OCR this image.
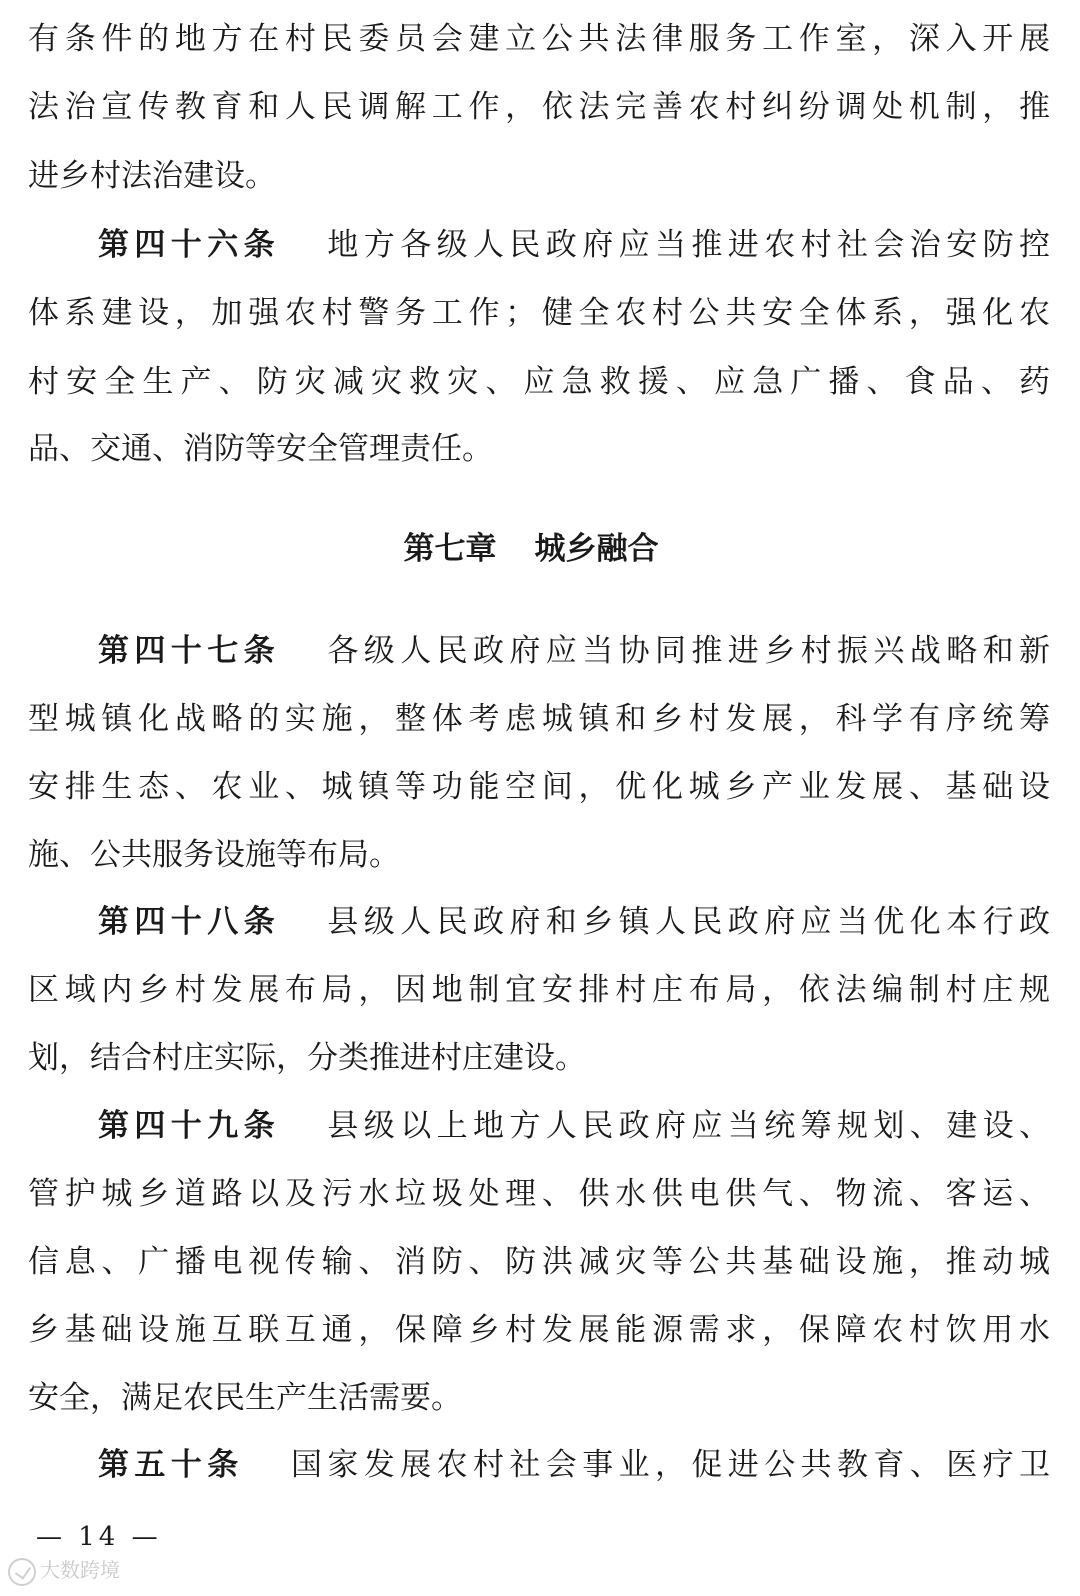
有条件的地方在村民委员会建立公共法律服务工作室，深入开展
法治宣传教育和人民调解工作，依法完善农村纠纷调处机制，推
进乡村法治建设。
第四十六条 地方各级人民政府应当推进农村社会治安防控
体系建设，加强农村警务工作；健全农村公共安全体系，强化农
村安全生产、防灾减灾救灾、应急救援、应急广播、食品、药
品、交通、消防等安全管理责任。
第七章 城乡融合
第四十七条 各级人民政府应当协同推进乡村振兴战略和新
型城镇化战略的实施，整体考虑城镇和乡村发展，科学有序统筹
安排生态、农业、城镇等功能空间，优化城乡产业发展、基础设
施、公共服务设施等布局。
第四十八条 县级人民政府和乡镇人民政府应当优化本行政
区域内乡村发展布局，因地制宜安排村庄布局，依法编制村庄规
划，结合村庄实际，分类推进村庄建设。
第四十九条 县级以上地方人民政府应当统筹规划、建设、
管护城乡道路以及污水垃圾处理、供水供电供气、物流、客运、
信息、广播电视传输、消防、防洪减灾等公共基础设施，推动城
乡基础设施互联互通，保障乡村发展能源需求，保障农村饮用水
安全，满足农民生产生活需要。
第五十条 国家发展农村社会事业，促进公共教育、医疗卫
— 14 —
大数跨境
